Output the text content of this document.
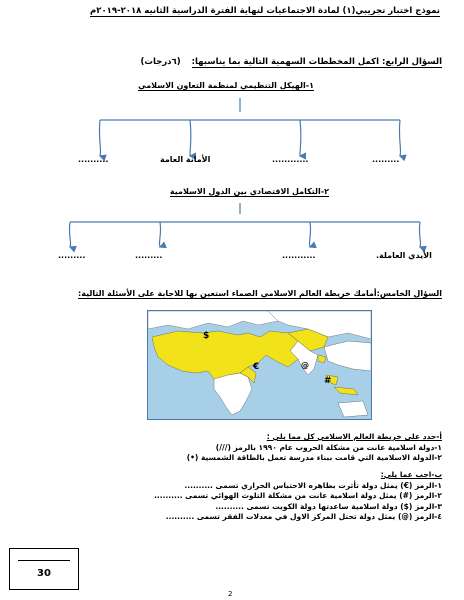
نموذج اختبار تجريبي(١) لمادة الاجتماعيات لنهاية الفترة الدراسية الثانيه ٢٠١٨-٢٠١٩م
السؤال الرابع: اكمل المخططات السهمية التالية بما يناسبها: (٦درجات)
١-الهيكل التنظيمي لمنظمة التعاون الاسلامي
..........	الأمانة العامة	............	.........
٢-التكامل الاقتصادي بين الدول الاسلامية
.........	.........	...........	الأيدي العاملة.
السؤال الخامس:أمامك خريطة العالم الاسلامي الصماء استعين بها للاجابة على الأسئلة التالية:
$
€	@
#
أ-حدد على خريطة العالم الاسلامي كل مما يلي :
١-دولة اسلامية عانت من مشكلة الحروب عام ١٩٩٠ بالرمز (///)
٢-الدولة الاسلامية التي قامت ببناء مدرسة تعمل بالطاقة الشمسية (•)
ب-اجب عما يلي:
١-الرمز (€) يمثل دولة تأثرت بظاهره الاحتباس الحراري تسمى ..........
٢-الرمز (#) يمثل دولة اسلامية عانت من مشكلة التلوث الهوائي تسمى ..........
٣-الرمز ($) دولة اسلامية ساعدتها دولة الكويت تسمى ..........
٤-الرمز (@) يمثل دولة تحتل المركز الاول في معدلات الفقر تسمى ..........
30
2
